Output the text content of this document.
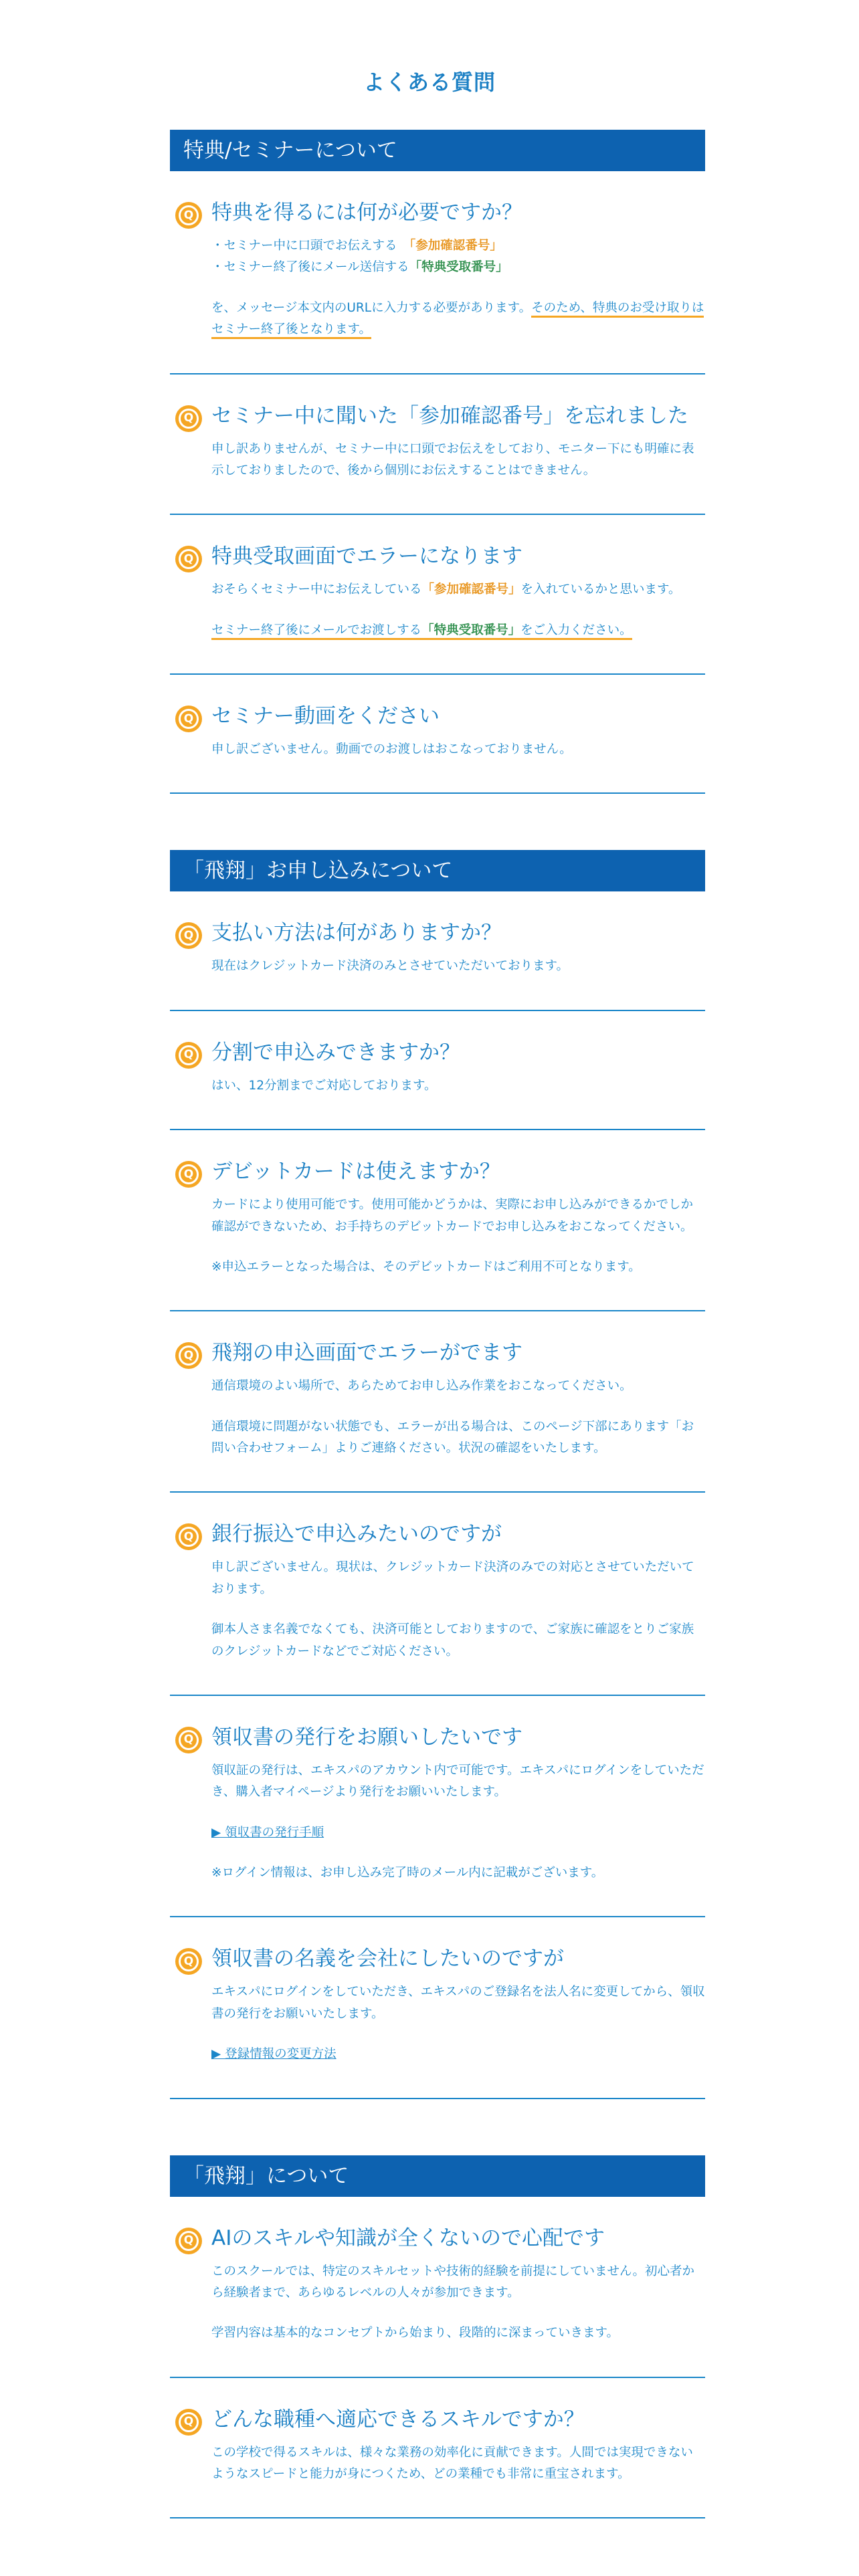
よくある質問
特典/セミナーについて
Q 特典を得るには何が必要ですか？
・セミナー中に口頭でお伝えする　「参加確認番号」
・セミナー終了後にメール送信する「特典受取番号」

を、メッセージ本文内のURLに入力する必要があります。そのため、特典のお受け取りはセミナー終了後となります。

Q セミナー中に聞いた「参加確認番号」を忘れました

申し訳ありませんが、セミナー中に口頭でお伝えをしており、モニター下にも明確に表示しておりましたので、後から個別にお伝えすることはできません。

Q 特典受取画面でエラーになります

おそらくセミナー中にお伝えしている「参加確認番号」を入れているかと思います。

セミナー終了後にメールでお渡しする「特典受取番号」をご入力ください。

Q セミナー動画をください

申し訳ございません。動画でのお渡しはおこなっておりません。

「飛翔」お申し込みについて
Q 支払い方法は何がありますか？

現在はクレジットカード決済のみとさせていただいております。

Q 分割で申込みできますか？

はい、12分割までご対応しております。

Q デビットカードは使えますか？

カードにより使用可能です。使用可能かどうかは、実際にお申し込みができるかでしか確認ができないため、お手持ちのデビットカードでお申し込みをおこなってください。

※申込エラーとなった場合は、そのデビットカードはご利用不可となります。

Q 飛翔の申込画面でエラーがでます

通信環境のよい場所で、あらためてお申し込み作業をおこなってください。

通信環境に問題がない状態でも、エラーが出る場合は、このページ下部にあります「お問い合わせフォーム」よりご連絡ください。状況の確認をいたします。

Q 銀行振込で申込みたいのですが

申し訳ございません。現状は、クレジットカード決済のみでの対応とさせていただいております。

御本人さま名義でなくても、決済可能としておりますので、ご家族に確認をとりご家族のクレジットカードなどでご対応ください。

Q 領収書の発行をお願いしたいです

領収証の発行は、エキスパのアカウント内で可能です。エキスパにログインをしていただき、購入者マイページより発行をお願いいたします。

▶ 領収書の発行手順

※ログイン情報は、お申し込み完了時のメール内に記載がございます。

Q 領収書の名義を会社にしたいのですが

エキスパにログインをしていただき、エキスパのご登録名を法人名に変更してから、領収書の発行をお願いいたします。

▶ 登録情報の変更方法

「飛翔」について
Q AIのスキルや知識が全くないので心配です

このスクールでは、特定のスキルセットや技術的経験を前提にしていません。初心者から経験者まで、あらゆるレベルの人々が参加できます。

学習内容は基本的なコンセプトから始まり、段階的に深まっていきます。

Q どんな職種へ適応できるスキルですか？

この学校で得るスキルは、様々な業務の効率化に貢献できます。人間では実現できないようなスピードと能力が身につくため、どの業種でも非常に重宝されます。
